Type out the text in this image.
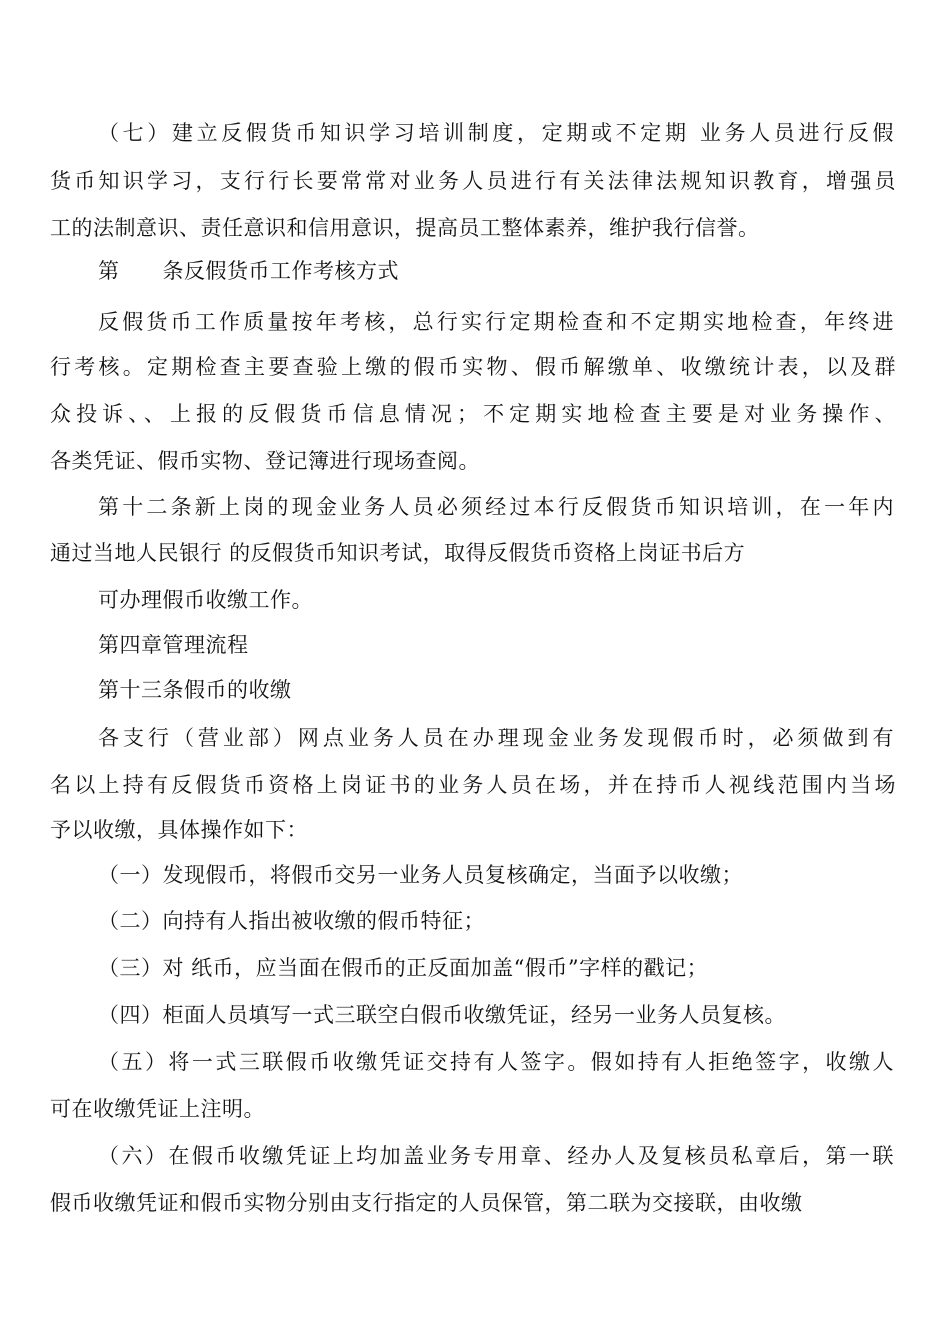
（七）建立反假货币知识学习培训制度，定期或不定期 业务人员进行反假
货币知识学习，支行行长要常常对业务人员进行有关法律法规知识教育，增强员
工的法制意识、责任意识和信用意识，提高员工整体素养，维护我行信誉。
第　　条反假货币工作考核方式
反假货币工作质量按年考核，总行实行定期检查和不定期实地检查，年终进
行考核。定期检查主要查验上缴的假币实物、假币解缴单、收缴统计表，以及群
众投诉、、上报的反假货币信息情况；不定期实地检查主要是对业务操作、
各类凭证、假币实物、登记簿进行现场查阅。
第十二条新上岗的现金业务人员必须经过本行反假货币知识培训，在一年内
通过当地人民银行 的反假货币知识考试，取得反假货币资格上岗证书后方
可办理假币收缴工作。
第四章管理流程
第十三条假币的收缴
各支行（营业部）网点业务人员在办理现金业务发现假币时，必须做到有
名以上持有反假货币资格上岗证书的业务人员在场，并在持币人视线范围内当场
予以收缴，具体操作如下：
（一）发现假币，将假币交另一业务人员复核确定，当面予以收缴；
（二）向持有人指出被收缴的假币特征；
（三）对 纸币，应当面在假币的正反面加盖“假币”字样的戳记；
（四）柜面人员填写一式三联空白假币收缴凭证，经另一业务人员复核。
（五）将一式三联假币收缴凭证交持有人签字。假如持有人拒绝签字，收缴人
可在收缴凭证上注明。
（六）在假币收缴凭证上均加盖业务专用章、经办人及复核员私章后，第一联
假币收缴凭证和假币实物分别由支行指定的人员保管，第二联为交接联，由收缴
